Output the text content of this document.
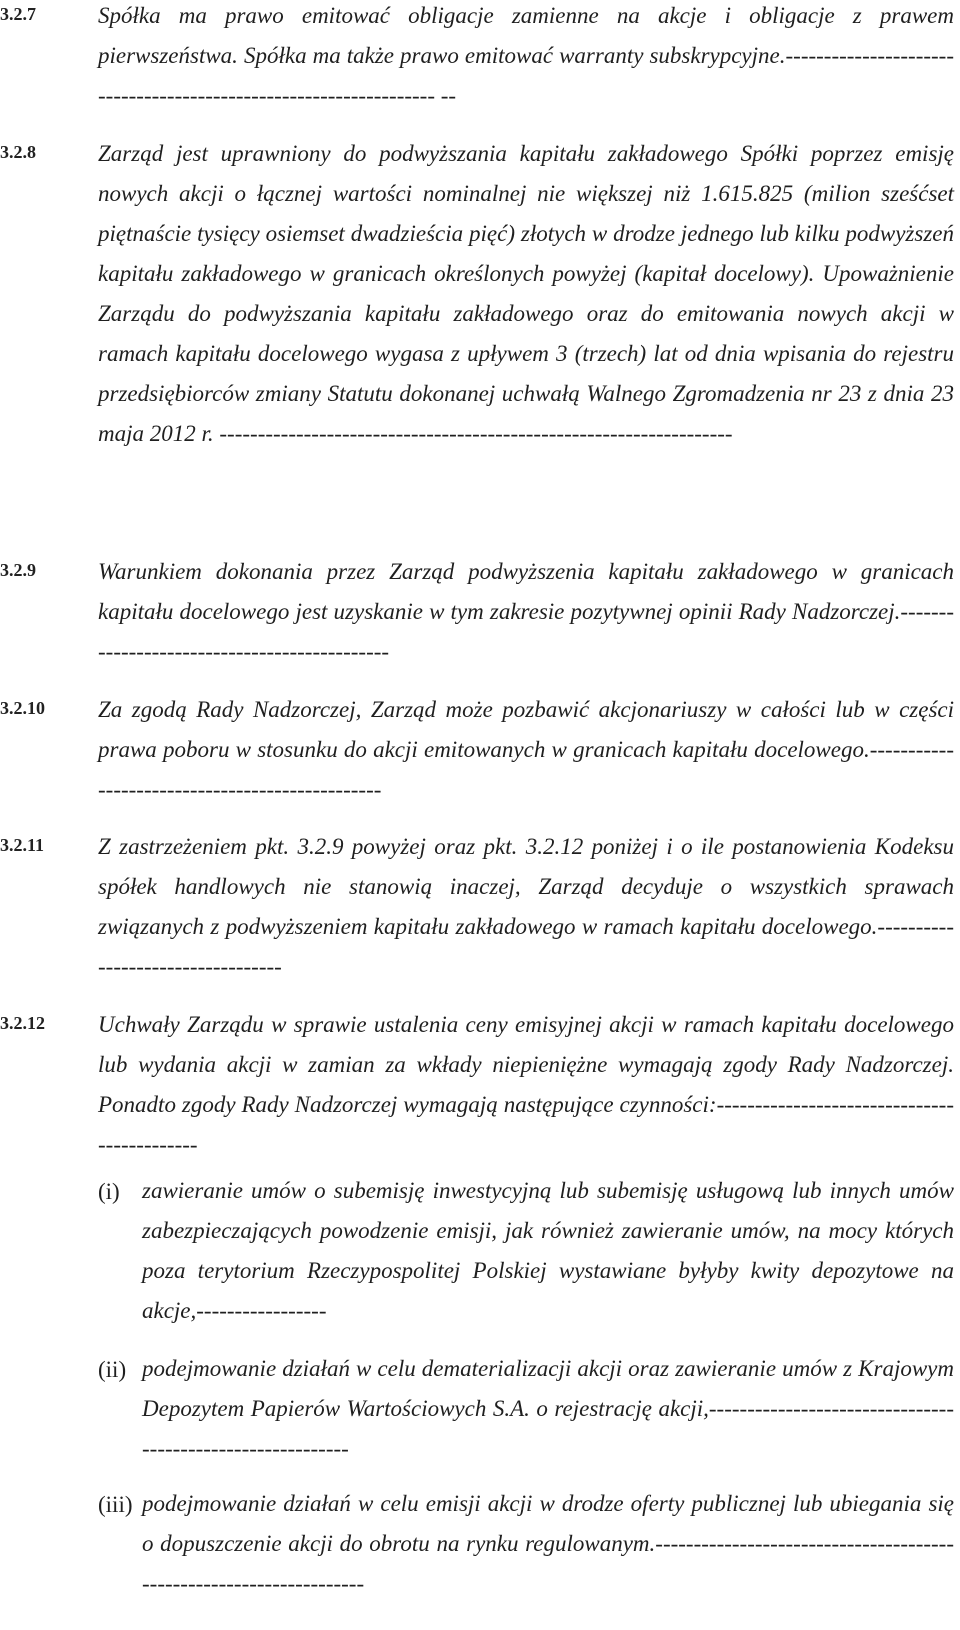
3.2.7	Spółka ma prawo emitować obligacje zamienne na akcje i obligacje z prawem pierwszeństwa. Spółka ma także prawo emitować warranty subskrypcyjne.------------------------------------------------------------------ --
3.2.8	Zarząd jest uprawniony do podwyższania kapitału zakładowego Spółki poprzez emisję nowych akcji o łącznej wartości nominalnej nie większej niż 1.615.825 (milion sześćset piętnaście tysięcy osiemset dwadzieścia pięć) złotych w drodze jednego lub kilku podwyższeń kapitału zakładowego w granicach określonych powyżej (kapitał docelowy). Upoważnienie Zarządu do podwyższania kapitału zakładowego oraz do emitowania nowych akcji w ramach kapitału docelowego wygasa z upływem 3 (trzech) lat od dnia wpisania do rejestru przedsiębiorców zmiany Statutu dokonanej uchwałą Walnego Zgromadzenia nr 23 z dnia 23 maja 2012 r. -------------------------------------------------------------------
3.2.9	Warunkiem dokonania przez Zarząd podwyższenia kapitału zakładowego w granicach kapitału docelowego jest uzyskanie w tym zakresie pozytywnej opinii Rady Nadzorczej.---------------------------------------------
3.2.10 Za zgodą Rady Nadzorczej, Zarząd może pozbawić akcjonariuszy w całości lub w części prawa poboru w stosunku do akcji emitowanych w granicach kapitału docelowego.------------------------------------------------
3.2.11 Z zastrzeżeniem pkt. 3.2.9 powyżej oraz pkt. 3.2.12 poniżej i o ile postanowienia Kodeksu spółek handlowych nie stanowią inaczej, Zarząd decyduje o wszystkich sprawach związanych z podwyższeniem kapitału zakładowego w ramach kapitału docelowego.----------------------------------
3.2.12 Uchwały Zarządu w sprawie ustalenia ceny emisyjnej akcji w ramach kapitału docelowego lub wydania akcji w zamian za wkłady niepieniężne wymagają zgody Rady Nadzorczej. Ponadto zgody Rady Nadzorczej wymagają następujące czynności:--------------------------------------------
(i) zawieranie umów o subemisję inwestycyjną lub subemisję usługową lub innych umów zabezpieczających powodzenie emisji, jak również zawieranie umów, na mocy których poza terytorium Rzeczypospolitej Polskiej wystawiane byłyby kwity depozytowe na akcje,-----------------
(ii) podejmowanie działań w celu dematerializacji akcji oraz zawieranie umów z Krajowym Depozytem Papierów Wartościowych S.A. o rejestrację akcji,-----------------------------------------------------------
(iii) podejmowanie działań w celu emisji akcji w drodze oferty publicznej lub ubiegania się o dopuszczenie akcji do obrotu na rynku regulowanym.--------------------------------------------------------------------
